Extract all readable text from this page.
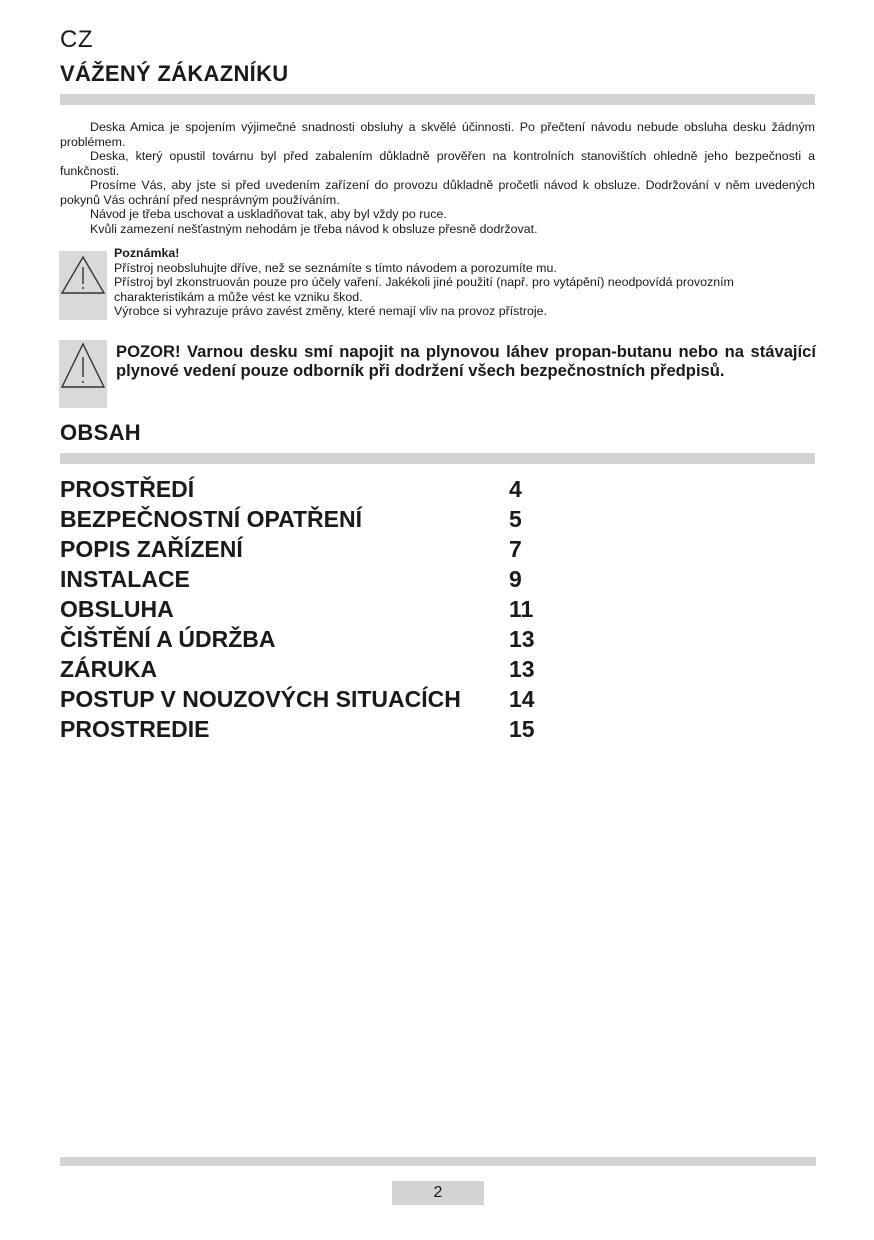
CZ
VÁŽENÝ ZÁKAZNÍKU

Deska Amica je spojením výjimečné snadnosti obsluhy a skvělé účinnosti. Po přečtení návodu nebude obsluha desku žádným problémem.

Deska, který opustil továrnu byl před zabalením důkladně prověřen na kontrolních stanovištích ohledně jeho bezpečnosti a funkčnosti.

Prosíme Vás, aby jste si před uvedením zařízení do provozu důkladně pročetli návod k obsluze. Dodržování v něm uvedených pokynů Vás ochrání před nesprávným používáním.

Návod je třeba uschovat a uskladňovat tak, aby byl vždy po ruce.

Kvůli zamezení nešťastným nehodám je třeba návod k obsluze přesně dodržovat.

Poznámka!
Přístroj neobsluhujte dříve, než se seznámíte s tímto návodem a porozumíte mu.
Přístroj byl zkonstruován pouze pro účely vaření. Jakékoli jiné použití (např. pro vytápění) neodpovídá provozním charakteristikám a může vést ke vzniku škod.
Výrobce si vyhrazuje právo zavést změny, které nemají vliv na provoz přístroje.
POZOR! Varnou desku smí napojit na plynovou láhev propan-butanu nebo na stávající plynové vedení pouze odborník při dodržení všech bezpečnostních předpisů.
OBSAH
PROSTŘEDÍ	4
BEZPEČNOSTNÍ OPATŘENÍ	5
POPIS ZAŘÍZENÍ	7
INSTALACE	9
OBSLUHA	11
ČIŠTĚNÍ A ÚDRŽBA	13
ZÁRUKA	13
POSTUP V NOUZOVÝCH SITUACÍCH 14
PROSTREDIE	15
2
